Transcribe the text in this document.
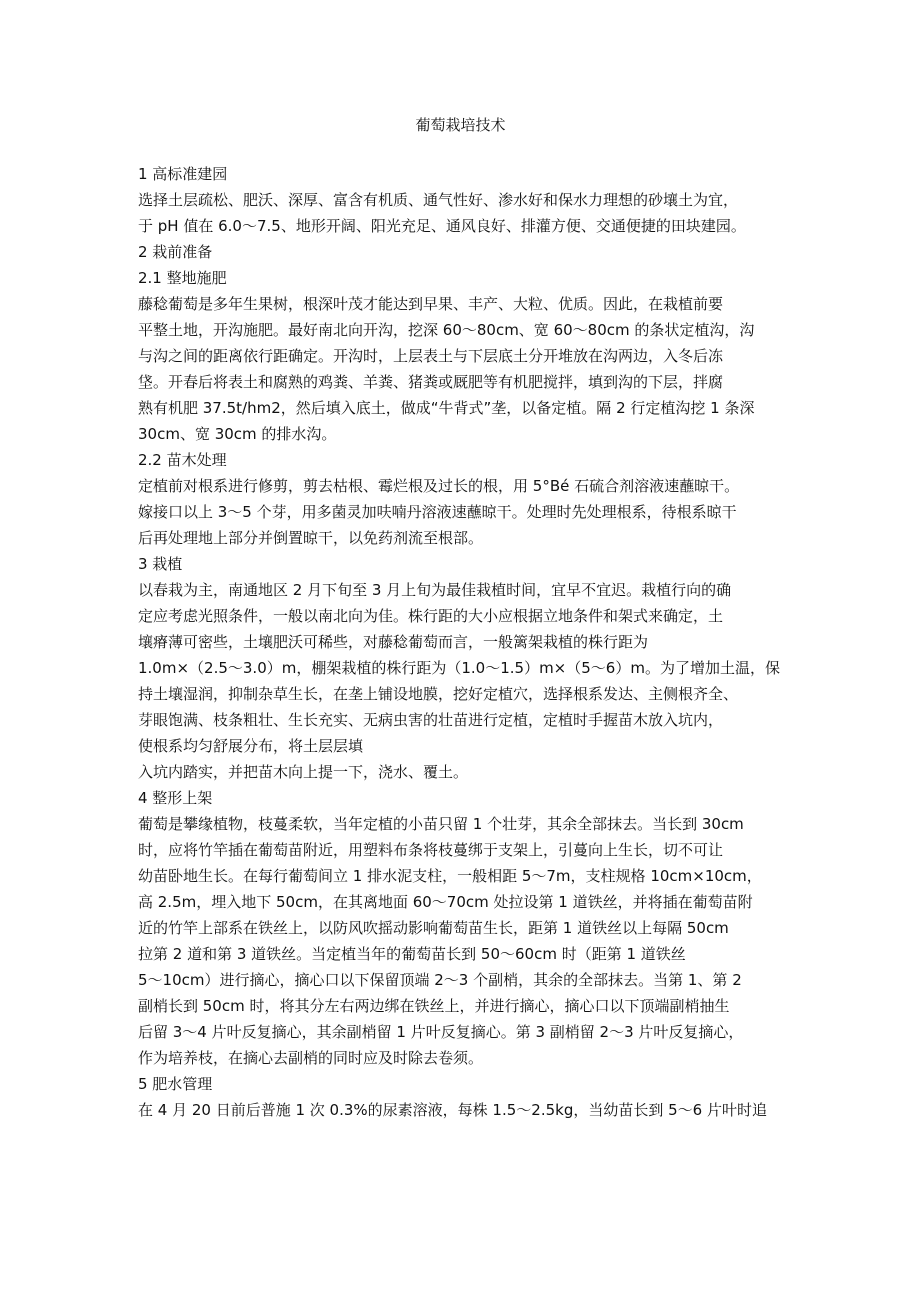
葡萄栽培技术

1 高标准建园

选择土层疏松、肥沃、深厚、富含有机质、通气性好、渗水好和保水力理想的砂壤土为宜，

于 pH 值在 6.0～7.5、地形开阔、阳光充足、通风良好、排灌方便、交通便捷的田块建园。

2 栽前准备

2.1 整地施肥

藤稔葡萄是多年生果树，根深叶茂才能达到早果、丰产、大粒、优质。因此，在栽植前要

平整土地，开沟施肥。最好南北向开沟，挖深 60～80cm、宽 60～80cm 的条状定植沟，沟

与沟之间的距离依行距确定。开沟时，上层表土与下层底土分开堆放在沟两边，入冬后冻

垡。开春后将表土和腐熟的鸡粪、羊粪、猪粪或厩肥等有机肥搅拌，填到沟的下层，拌腐

熟有机肥 37.5t/hm2，然后填入底土，做成“牛背式”垄，以备定植。隔 2 行定植沟挖 1 条深

30cm、宽 30cm 的排水沟。

2.2 苗木处理

定植前对根系进行修剪，剪去枯根、霉烂根及过长的根，用 5°Bé 石硫合剂溶液速蘸晾干。

嫁接口以上 3～5 个芽，用多菌灵加呋喃丹溶液速蘸晾干。处理时先处理根系，待根系晾干

后再处理地上部分并倒置晾干，以免药剂流至根部。

3 栽植

以春栽为主，南通地区 2 月下旬至 3 月上旬为最佳栽植时间，宜早不宜迟。栽植行向的确

定应考虑光照条件，一般以南北向为佳。株行距的大小应根据立地条件和架式来确定，土

壤瘠薄可密些，土壤肥沃可稀些，对藤稔葡萄而言，一般篱架栽植的株行距为

1.0m×（2.5～3.0）m，棚架栽植的株行距为（1.0～1.5）m×（5～6）m。为了增加土温，保

持土壤湿润，抑制杂草生长，在垄上铺设地膜，挖好定植穴，选择根系发达、主侧根齐全、

芽眼饱满、枝条粗壮、生长充实、无病虫害的壮苗进行定植，定植时手握苗木放入坑内，

使根系均匀舒展分布，将土层层填

入坑内踏实，并把苗木向上提一下，浇水、覆土。

4 整形上架

葡萄是攀缘植物，枝蔓柔软，当年定植的小苗只留 1 个壮芽，其余全部抹去。当长到 30cm

时，应将竹竿插在葡萄苗附近，用塑料布条将枝蔓绑于支架上，引蔓向上生长，切不可让

幼苗卧地生长。在每行葡萄间立 1 排水泥支柱，一般相距 5～7m，支柱规格 10cm×10cm，

高 2.5m，埋入地下 50cm，在其离地面 60～70cm 处拉设第 1 道铁丝，并将插在葡萄苗附

近的竹竿上部系在铁丝上，以防风吹摇动影响葡萄苗生长，距第 1 道铁丝以上每隔 50cm

拉第 2 道和第 3 道铁丝。当定植当年的葡萄苗长到 50～60cm 时（距第 1 道铁丝

5～10cm）进行摘心，摘心口以下保留顶端 2～3 个副梢，其余的全部抹去。当第 1、第 2

副梢长到 50cm 时，将其分左右两边绑在铁丝上，并进行摘心，摘心口以下顶端副梢抽生

后留 3～4 片叶反复摘心，其余副梢留 1 片叶反复摘心。第 3 副梢留 2～3 片叶反复摘心，

作为培养枝，在摘心去副梢的同时应及时除去卷须。

5 肥水管理

在 4 月 20 日前后普施 1 次 0.3%的尿素溶液，每株 1.5～2.5kg，当幼苗长到 5～6 片叶时追
